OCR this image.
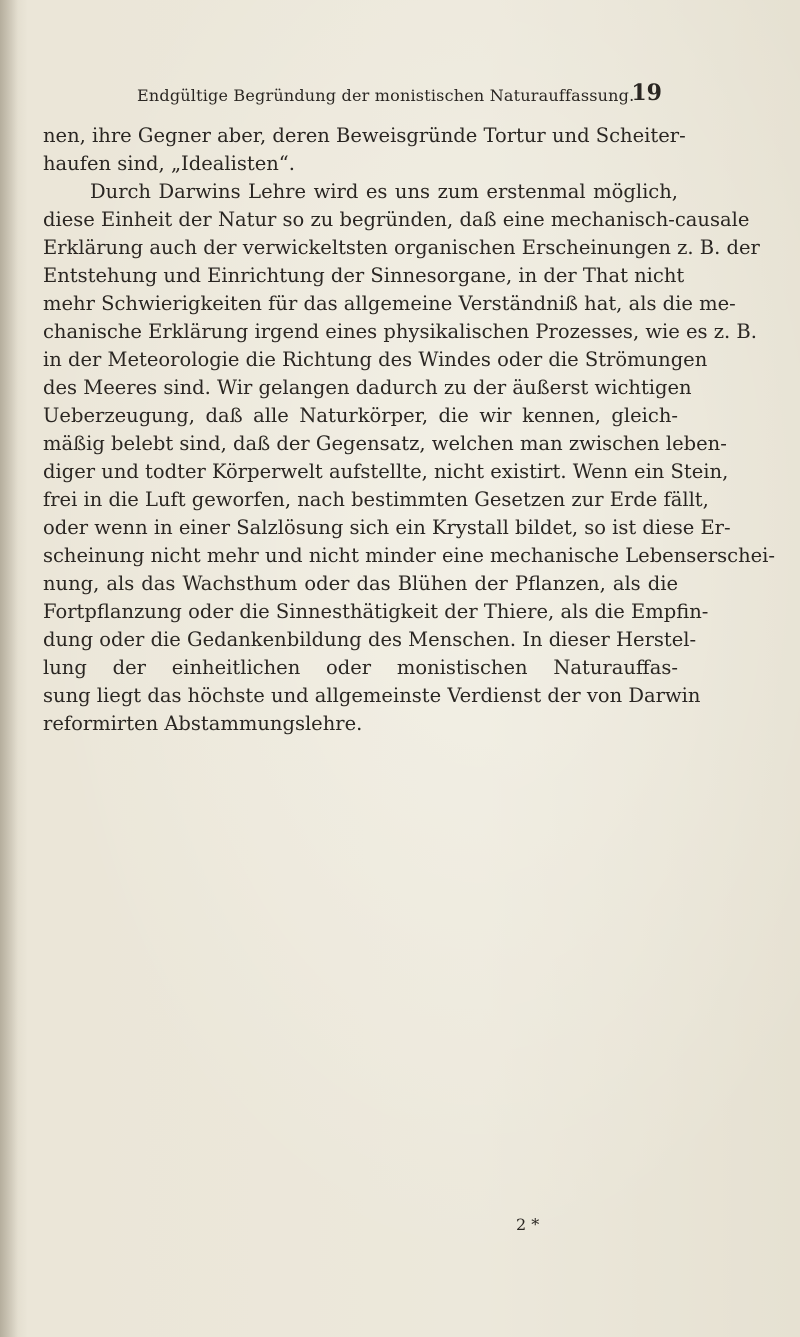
Endgültige Begründung der monistischen Naturauffassung.
19
nen, ihre Gegner aber, deren Beweisgründe Tortur und Scheiter-
haufen sind, „Idealisten“.
Durch Darwins Lehre wird es uns zum erstenmal möglich,
diese Einheit der Natur so zu begründen, daß eine mechanisch-causale
Erklärung auch der verwickeltsten organischen Erscheinungen z. B. der
Entstehung und Einrichtung der Sinnesorgane, in der That nicht
mehr Schwierigkeiten für das allgemeine Verständniß hat, als die me-
chanische Erklärung irgend eines physikalischen Prozesses, wie es z. B.
in der Meteorologie die Richtung des Windes oder die Strömungen
des Meeres sind. Wir gelangen dadurch zu der äußerst wichtigen
Ueberzeugung, daß alle Naturkörper, die wir kennen, gleich-
mäßig belebt sind, daß der Gegensatz, welchen man zwischen leben-
diger und todter Körperwelt aufstellte, nicht existirt. Wenn ein Stein,
frei in die Luft geworfen, nach bestimmten Gesetzen zur Erde fällt,
oder wenn in einer Salzlösung sich ein Krystall bildet, so ist diese Er-
scheinung nicht mehr und nicht minder eine mechanische Lebenserschei-
nung, als das Wachsthum oder das Blühen der Pflanzen, als die
Fortpflanzung oder die Sinnesthätigkeit der Thiere, als die Empfin-
dung oder die Gedankenbildung des Menschen. In dieser Herstel-
lung der einheitlichen oder monistischen Naturauffas-
sung liegt das höchste und allgemeinste Verdienst der von Darwin
reformirten Abstammungslehre.
2 *
